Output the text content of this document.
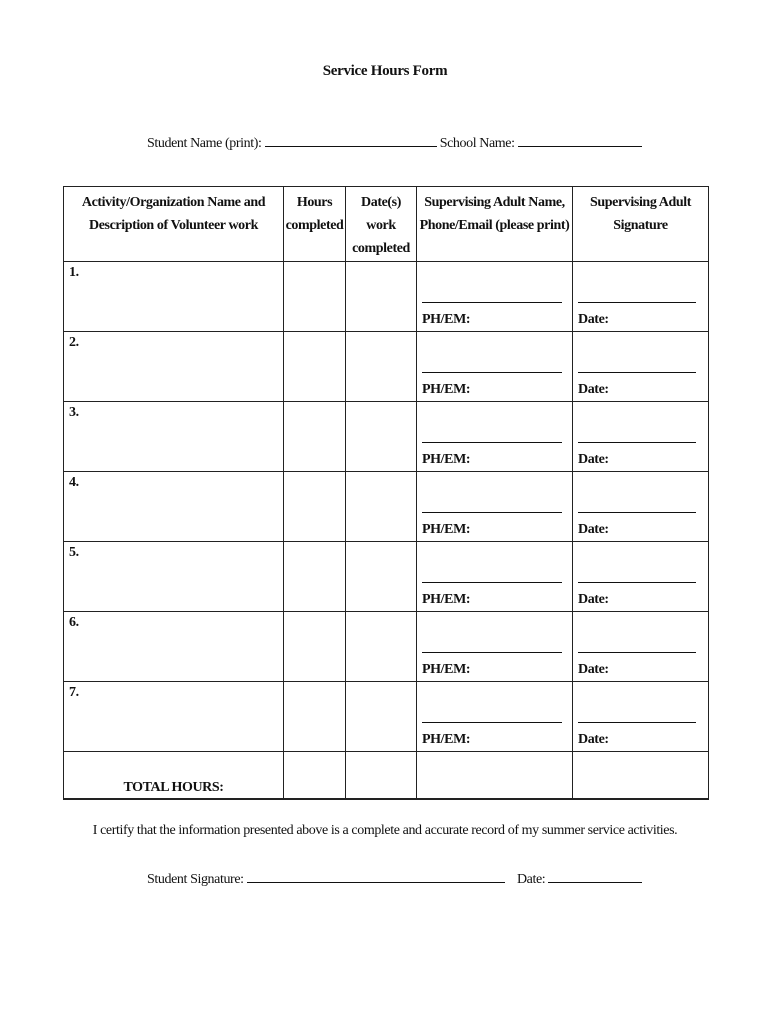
Service Hours Form
Student Name (print):	School Name:
Activity/Organization Name and Description of Volunteer work	Hours completed	Date(s) work completed	Supervising Adult Name, Phone/Email (please print)	Supervising Adult Signature

1.			PH/EM:	Date:

2.			PH/EM:	Date:

3.			PH/EM:	Date:

4.			PH/EM:	Date:

5.			PH/EM:	Date:

6.			PH/EM:	Date:

7.			PH/EM:	Date:

TOTAL HOURS:				

I certify that the information presented above is a complete and accurate record of my summer service activities.
Student Signature:	Date:
